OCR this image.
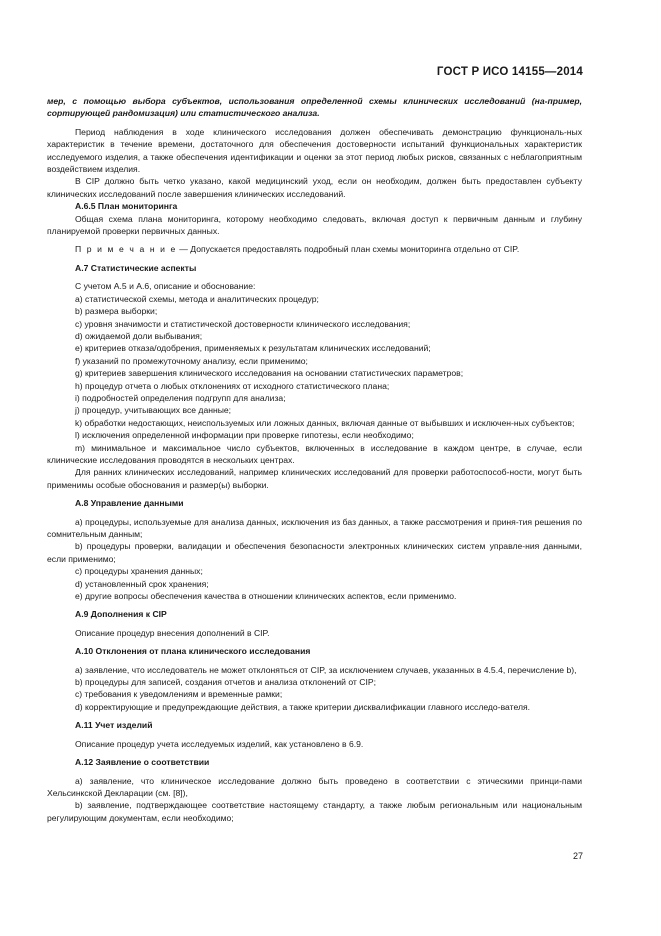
ГОСТ Р ИСО 14155—2014

мер, с помощью выбора субъектов, использования определенной схемы клинических исследований (на-пример, сортирующей рандомизация) или статистического анализа.

Период наблюдения в ходе клинического исследования должен обеспечивать демонстрацию функциональ-ных характеристик в течение времени, достаточного для обеспечения достоверности испытаний функциональных характеристик исследуемого изделия, а также обеспечения идентификации и оценки за этот период любых рисков, связанных с неблагоприятным воздействием изделия.

В CIP должно быть четко указано, какой медицинский уход, если он необходим, должен быть предоставлен субъекту клинических исследований после завершения клинических исследований.

A.6.5 План мониторинга

Общая схема плана мониторинга, которому необходимо следовать, включая доступ к первичным данным и глубину планируемой проверки первичных данных.

П р и м е ч а н и е — Допускается предоставлять подробный план схемы мониторинга отдельно от CIP.

A.7 Статистические аспекты

С учетом А.5 и А.6, описание и обоснование:

a) статистической схемы, метода и аналитических процедур;

b) размера выборки;

c) уровня значимости и статистической достоверности клинического исследования;

d) ожидаемой доли выбывания;

e) критериев отказа/одобрения, применяемых к результатам клинических исследований;

f) указаний по промежуточному анализу, если применимо;

g) критериев завершения клинического исследования на основании статистических параметров;

h) процедур отчета о любых отклонениях от исходного статистического плана;

i) подробностей определения подгрупп для анализа;

j) процедур, учитывающих все данные;

k) обработки недостающих, неиспользуемых или ложных данных, включая данные от выбывших и исключен-ных субъектов;

l) исключения определенной информации при проверке гипотезы, если необходимо;

m) минимальное и максимальное число субъектов, включенных в исследование в каждом центре, в случае, если клинические исследования проводятся в нескольких центрах.

Для ранних клинических исследований, например клинических исследований для проверки работоспособ-ности, могут быть применимы особые обоснования и размер(ы) выборки.

A.8 Управление данными

a) процедуры, используемые для анализа данных, исключения из баз данных, а также рассмотрения и приня-тия решения по сомнительным данным;

b) процедуры проверки, валидации и обеспечения безопасности электронных клинических систем управле-ния данными, если применимо;

c) процедуры хранения данных;

d) установленный срок хранения;

e) другие вопросы обеспечения качества в отношении клинических аспектов, если применимо.

A.9 Дополнения к CIP

Описание процедур внесения дополнений в CIP.

A.10 Отклонения от плана клинического исследования

a) заявление, что исследователь не может отклоняться от CIP, за исключением случаев, указанных в 4.5.4, перечисление b),

b) процедуры для записей, создания отчетов и анализа отклонений от CIP;

c) требования к уведомлениям и временные рамки;

d) корректирующие и предупреждающие действия, а также критерии дисквалификации главного исследо-вателя.

A.11 Учет изделий

Описание процедур учета исследуемых изделий, как установлено в 6.9.

A.12 Заявление о соответствии

a) заявление, что клиническое исследование должно быть проведено в соответствии с этическими принци-пами Хельсинкской Декларации (см. [8]),

b) заявление, подтверждающее соответствие настоящему стандарту, а также любым региональным или национальным регулирующим документам, если необходимо;

27
